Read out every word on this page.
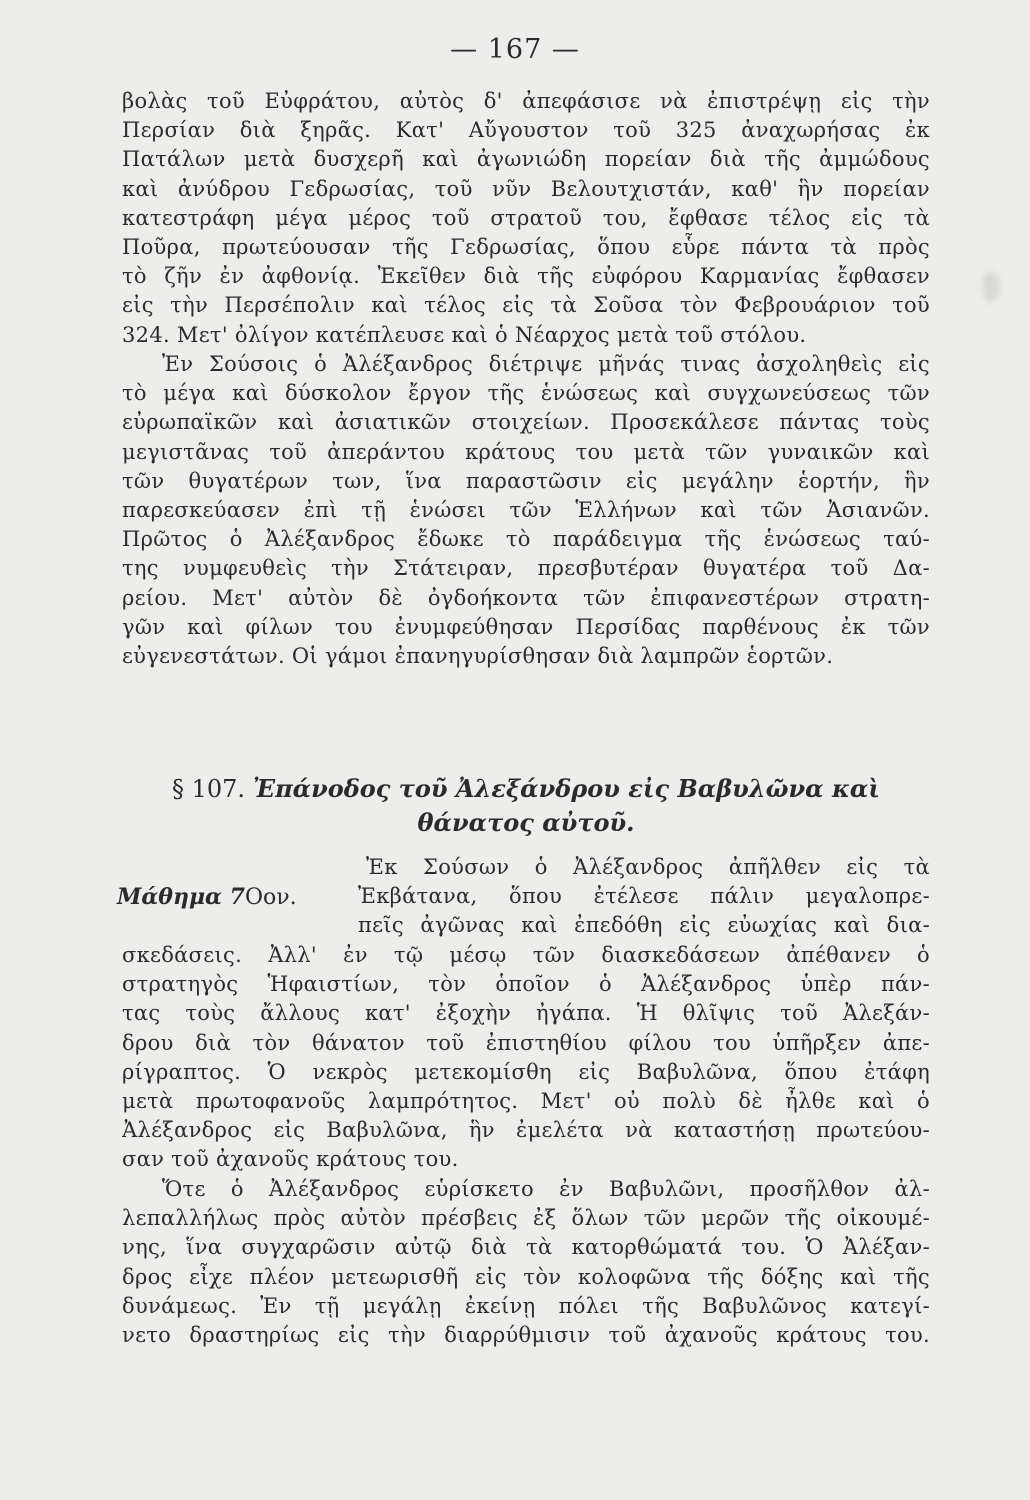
— 167 —
βολὰς τοῦ Εὐφράτου, αὐτὸς δ' ἀπεφάσισε νὰ ἐπιστρέψῃ εἰς τὴν
Περσίαν διὰ ξηρᾶς. Κατ' Αὔγουστον τοῦ 325 ἀναχωρήσας ἐκ
Πατάλων μετὰ δυσχερῆ καὶ ἀγωνιώδη πορείαν διὰ τῆς ἀμμώδους
καὶ ἀνύδρου Γεδρωσίας, τοῦ νῦν Βελουτχιστάν, καθ' ἣν πορείαν
κατεστράφη μέγα μέρος τοῦ στρατοῦ του, ἔφθασε τέλος εἰς τὰ
Ποῦρα, πρωτεύουσαν τῆς Γεδρωσίας, ὅπου εὗρε πάντα τὰ πρὸς
τὸ ζῆν ἐν ἀφθονίᾳ. Ἐκεῖθεν διὰ τῆς εὐφόρου Καρμανίας ἔφθασεν
εἰς τὴν Περσέπολιν καὶ τέλος εἰς τὰ Σοῦσα τὸν Φεβρουάριον τοῦ
324. Μετ' ὀλίγον κατέπλευσε καὶ ὁ Νέαρχος μετὰ τοῦ στόλου.
Ἐν Σούσοις ὁ Ἀλέξανδρος διέτριψε μῆνάς τινας ἀσχοληθεὶς εἰς
τὸ μέγα καὶ δύσκολον ἔργον τῆς ἑνώσεως καὶ συγχωνεύσεως τῶν
εὐρωπαϊκῶν καὶ ἀσιατικῶν στοιχείων. Προσεκάλεσε πάντας τοὺς
μεγιστᾶνας τοῦ ἀπεράντου κράτους του μετὰ τῶν γυναικῶν καὶ
τῶν θυγατέρων των, ἵνα παραστῶσιν εἰς μεγάλην ἑορτήν, ἣν
παρεσκεύασεν ἐπὶ τῇ ἑνώσει τῶν Ἑλλήνων καὶ τῶν Ἀσιανῶν.
Πρῶτος ὁ Ἀλέξανδρος ἔδωκε τὸ παράδειγμα τῆς ἑνώσεως ταύ-
της νυμφευθεὶς τὴν Στάτειραν, πρεσβυτέραν θυγατέρα τοῦ Δα-
ρείου. Μετ' αὐτὸν δὲ ὀγδοήκοντα τῶν ἐπιφανεστέρων στρατη-
γῶν καὶ φίλων του ἐνυμφεύθησαν Περσίδας παρθένους ἐκ τῶν
εὐγενεστάτων. Οἱ γάμοι ἐπανηγυρίσθησαν διὰ λαμπρῶν ἑορτῶν.
§ 107. Ἐπάνοδος τοῦ Ἀλεξάνδρου εἰς Βαβυλῶνα καὶ
θάνατος αὐτοῦ.
Μάθημα 7Οον.
Ἐκ Σούσων ὁ Ἀλέξανδρος ἀπῆλθεν εἰς τὰ
Ἐκβάτανα, ὅπου ἐτέλεσε πάλιν μεγαλοπρε-
πεῖς ἀγῶνας καὶ ἐπεδόθη εἰς εὐωχίας καὶ δια-
σκεδάσεις. Ἀλλ' ἐν τῷ μέσῳ τῶν διασκεδάσεων ἀπέθανεν ὁ
στρατηγὸς Ἡφαιστίων, τὸν ὁποῖον ὁ Ἀλέξανδρος ὑπὲρ πάν-
τας τοὺς ἄλλους κατ' ἐξοχὴν ἠγάπα. Ἡ θλῖψις τοῦ Ἀλεξάν-
δρου διὰ τὸν θάνατον τοῦ ἐπιστηθίου φίλου του ὑπῆρξεν ἀπε-
ρίγραπτος. Ὁ νεκρὸς μετεκομίσθη εἰς Βαβυλῶνα, ὅπου ἐτάφη
μετὰ πρωτοφανοῦς λαμπρότητος. Μετ' οὐ πολὺ δὲ ἦλθε καὶ ὁ
Ἀλέξανδρος εἰς Βαβυλῶνα, ἣν ἐμελέτα νὰ καταστήσῃ πρωτεύου-
σαν τοῦ ἀχανοῦς κράτους του.
Ὅτε ὁ Ἀλέξανδρος εὑρίσκετο ἐν Βαβυλῶνι, προσῆλθον ἀλ-
λεπαλλήλως πρὸς αὐτὸν πρέσβεις ἐξ ὅλων τῶν μερῶν τῆς οἰκουμέ-
νης, ἵνα συγχαρῶσιν αὐτῷ διὰ τὰ κατορθώματά του. Ὁ Ἀλέξαν-
δρος εἶχε πλέον μετεωρισθῆ εἰς τὸν κολοφῶνα τῆς δόξης καὶ τῆς
δυνάμεως. Ἐν τῇ μεγάλῃ ἐκείνῃ πόλει τῆς Βαβυλῶνος κατεγί-
νετο δραστηρίως εἰς τὴν διαρρύθμισιν τοῦ ἀχανοῦς κράτους του.
